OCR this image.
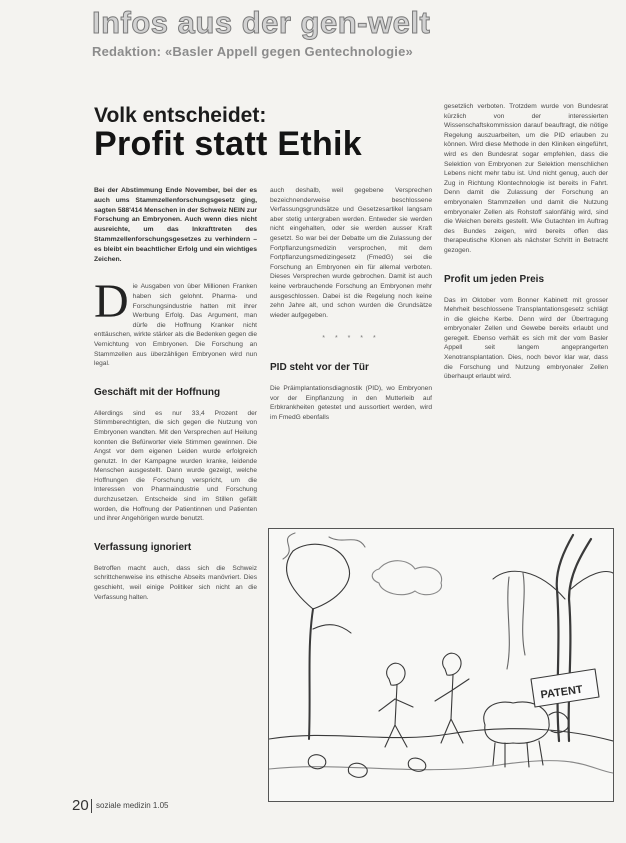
Infos aus der gen-welt
Redaktion: «Basler Appell gegen Gentechnologie»
Volk entscheidet:
Profit statt Ethik

Bei der Abstimmung Ende November, bei der es auch ums Stammzellenforschungsgesetz ging, sagten 588'414 Menschen in der Schweiz NEIN zur Forschung an Embryonen. Auch wenn dies nicht ausreichte, um das Inkrafttreten des Stammzellenforschungsgesetzes zu verhindern – es bleibt ein beachtlicher Erfolg und ein wichtiges Zeichen.

D ie Ausgaben von über Millionen Franken haben sich gelohnt. Pharma- und Forschungsindustrie hatten mit ihrer Werbung Erfolg. Das Argument, man dürfe die Hoffnung Kranker nicht enttäuschen, wirkte stärker als die Bedenken gegen die Vernichtung von Embryonen. Die Forschung an Stammzellen aus überzähligen Embryonen wird nun legal.

Geschäft mit der Hoffnung

Allerdings sind es nur 33,4 Prozent der Stimmberechtigten, die sich gegen die Nutzung von Embryonen wandten. Mit den Versprechen auf Heilung konnten die Befürworter viele Stimmen gewinnen. Die Angst vor dem eigenen Leiden wurde erfolgreich genutzt. In der Kampagne wurden kranke, leidende Menschen ausgestellt. Dann wurde gezeigt, welche Hoffnungen die Forschung verspricht, um die Interessen von Pharmaindustrie und Forschung durchzusetzen. Entscheide sind im Stillen gefällt worden, die Hoffnung der Patientinnen und Patienten und ihrer Angehörigen wurde benutzt.

Verfassung ignoriert

Betroffen macht auch, dass sich die Schweiz schrittchenweise ins ethische Abseits manövriert. Dies geschieht, weil einige Politiker sich nicht an die Verfassung halten.

auch deshalb, weil gegebene Versprechen bezeichnenderweise beschlossene Verfassungsgrundsätze und Gesetzesartikel langsam aber stetig untergraben werden. Entweder sie werden nicht eingehalten, oder sie werden ausser Kraft gesetzt. So war bei der Debatte um die Zulassung der Fortpflanzungsmedizin versprochen, mit dem Fortpflanzungsmedizingesetz (FmedG) sei die Forschung an Embryonen ein für allemal verboten. Dieses Versprechen wurde gebrochen. Damit ist auch keine verbrauchende Forschung an Embryonen mehr ausgeschlossen. Dabei ist die Regelung noch keine zehn Jahre alt, und schon wurden die Grundsätze wieder aufgegeben.

* * * * *

PID steht vor der Tür

Die Präimplantationsdiagnostik (PID), wo Embryonen vor der Einpflanzung in den Mutterleib auf Erbkrankheiten getestet und aussortiert werden, wird im FmedG ebenfalls

gesetzlich verboten. Trotzdem wurde von Bundesrat kürzlich von der interessierten Wissenschaftskommission darauf beauftragt, die nötige Regelung auszuarbeiten, um die PID erlauben zu können. Wird diese Methode in den Kliniken eingeführt, wird es den Bundesrat sogar empfehlen, dass die Selektion von Embryonen zur Selektion menschlichen Lebens nicht mehr tabu ist. Und nicht genug, auch der Zug in Richtung Klontechnologie ist bereits in Fahrt. Denn damit die Zulassung der Forschung an embryonalen Stammzellen und damit die Nutzung embryonaler Zellen als Rohstoff salonfähig wird, sind die Weichen bereits gestellt. Wie Gutachten im Auftrag des Bundes zeigen, wird bereits offen das therapeutische Klonen als nächster Schritt in Betracht gezogen.

Profit um jeden Preis

Das im Oktober vom Bonner Kabinett mit grosser Mehrheit beschlossene Transplantationsgesetz schlägt in die gleiche Kerbe. Denn wird der Übertragung embryonaler Zellen und Gewebe bereits erlaubt und geregelt. Ebenso verhält es sich mit der vom Basler Appell seit langem angeprangerten Xenotransplantation. Dies, noch bevor klar war, dass die Forschung und Nutzung embryonaler Zellen überhaupt erlaubt wird.

PATENT
20 soziale medizin 1.05
